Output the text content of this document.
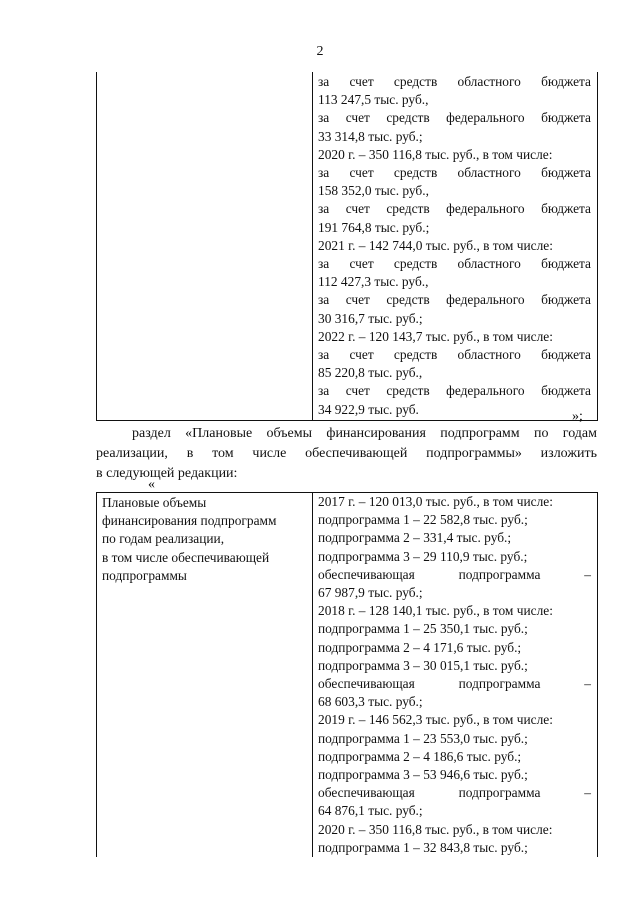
2

за счет средств областного бюджета
113 247,5 тыс. руб.,
за счет средств федерального бюджета
33 314,8 тыс. руб.;
2020 г. – 350 116,8 тыс. руб., в том числе:
за счет средств областного бюджета
158 352,0 тыс. руб.,
за счет средств федерального бюджета
191 764,8 тыс. руб.;
2021 г. – 142 744,0 тыс. руб., в том числе:
за счет средств областного бюджета
112 427,3 тыс. руб.,
за счет средств федерального бюджета
30 316,7 тыс. руб.;
2022 г. – 120 143,7 тыс. руб., в том числе:
за счет средств областного бюджета
85 220,8 тыс. руб.,
за счет средств федерального бюджета
34 922,9 тыс. руб.	»;
раздел «Плановые объемы финансирования подпрограмм по годам
реализации, в том числе обеспечивающей подпрограммы» изложить
в следующей редакции:
«
Плановые объемы
финансирования подпрограмм
по годам реализации,
в том числе обеспечивающей
подпрограммы

2017 г. – 120 013,0 тыс. руб., в том числе:
подпрограмма 1 – 22 582,8 тыс. руб.;
подпрограмма 2 – 331,4 тыс. руб.;
подпрограмма 3 – 29 110,9 тыс. руб.;
обеспечивающая подпрограмма –
67 987,9 тыс. руб.;
2018 г. – 128 140,1 тыс. руб., в том числе:
подпрограмма 1 – 25 350,1 тыс. руб.;
подпрограмма 2 – 4 171,6 тыс. руб.;
подпрограмма 3 – 30 015,1 тыс. руб.;
обеспечивающая подпрограмма –
68 603,3 тыс. руб.;
2019 г. – 146 562,3 тыс. руб., в том числе:
подпрограмма 1 – 23 553,0 тыс. руб.;
подпрограмма 2 – 4 186,6 тыс. руб.;
подпрограмма 3 – 53 946,6 тыс. руб.;
обеспечивающая подпрограмма –
64 876,1 тыс. руб.;
2020 г. – 350 116,8 тыс. руб., в том числе:
подпрограмма 1 – 32 843,8 тыс. руб.;
